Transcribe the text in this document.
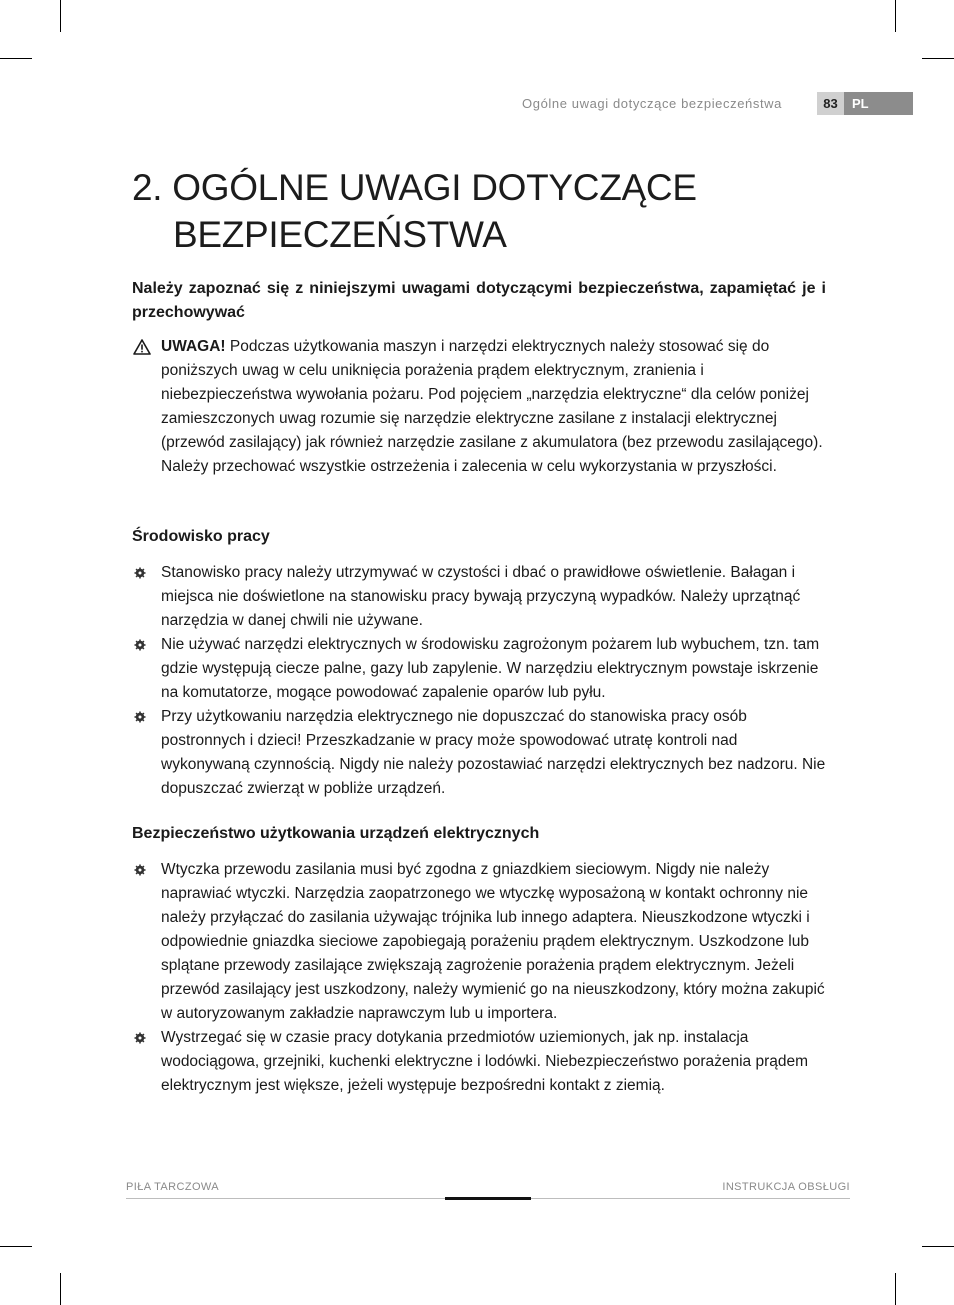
Ogólne uwagi dotyczące bezpieczeństwa	83	PL
2. OGÓLNE UWAGI DOTYCZĄCE
BEZPIECZEŃSTWA

Należy zapoznać się z niniejszymi uwagami dotyczącymi bezpieczeństwa, zapamiętać je i przechowywać

UWAGA! Podczas użytkowania maszyn i narzędzi elektrycznych należy stosować się do poniższych uwag w celu uniknięcia porażenia prądem elektrycznym, zranienia i niebezpieczeństwa wywołania pożaru. Pod pojęciem „narzędzia elektryczne“ dla celów poniżej zamieszczonych uwag rozumie się narzędzie elektryczne zasilane z instalacji elektrycznej (przewód zasilający) jak również narzędzie zasilane z akumulatora (bez przewodu zasilającego). Należy przechować wszystkie ostrzeżenia i zalecenia w celu wykorzystania w przyszłości.

Środowisko pracy
Stanowisko pracy należy utrzymywać w czystości i dbać o prawidłowe oświetlenie. Bałagan i miejsca nie doświetlone na stanowisku pracy bywają przyczyną wypadków. Należy uprzątnąć narzędzia w danej chwili nie używane.
Nie używać narzędzi elektrycznych w środowisku zagrożonym pożarem lub wybuchem, tzn. tam gdzie występują ciecze palne, gazy lub zapylenie. W narzędziu elektrycznym powstaje iskrzenie na komutatorze, mogące powodować zapalenie oparów lub pyłu.
Przy użytkowaniu narzędzia elektrycznego nie dopuszczać do stanowiska pracy osób postronnych i dzieci! Przeszkadzanie w pracy może spowodować utratę kontroli nad wykonywaną czynnością. Nigdy nie należy pozostawiać narzędzi elektrycznych bez nadzoru. Nie dopuszczać zwierząt w pobliże urządzeń.
Bezpieczeństwo użytkowania urządzeń elektrycznych
Wtyczka przewodu zasilania musi być zgodna z gniazdkiem sieciowym. Nigdy nie należy naprawiać wtyczki. Narzędzia zaopatrzonego we wtyczkę wyposażoną w kontakt ochronny nie należy przyłączać do zasilania używając trójnika lub innego adaptera. Nieuszkodzone wtyczki i odpowiednie gniazdka sieciowe zapobiegają porażeniu prądem elektrycznym. Uszkodzone lub splątane przewody zasilające zwiększają zagrożenie porażenia prądem elektrycznym. Jeżeli przewód zasilający jest uszkodzony, należy wymienić go na nieuszkodzony, który można zakupić w autoryzowanym zakładzie naprawczym lub u importera.
Wystrzegać się w czasie pracy dotykania przedmiotów uziemionych, jak np. instalacja wodociągowa, grzejniki, kuchenki elektryczne i lodówki. Niebezpieczeństwo porażenia prądem elektrycznym jest większe, jeżeli występuje bezpośredni kontakt z ziemią.
PIŁA TARCZOWA	INSTRUKCJA OBSŁUGI
